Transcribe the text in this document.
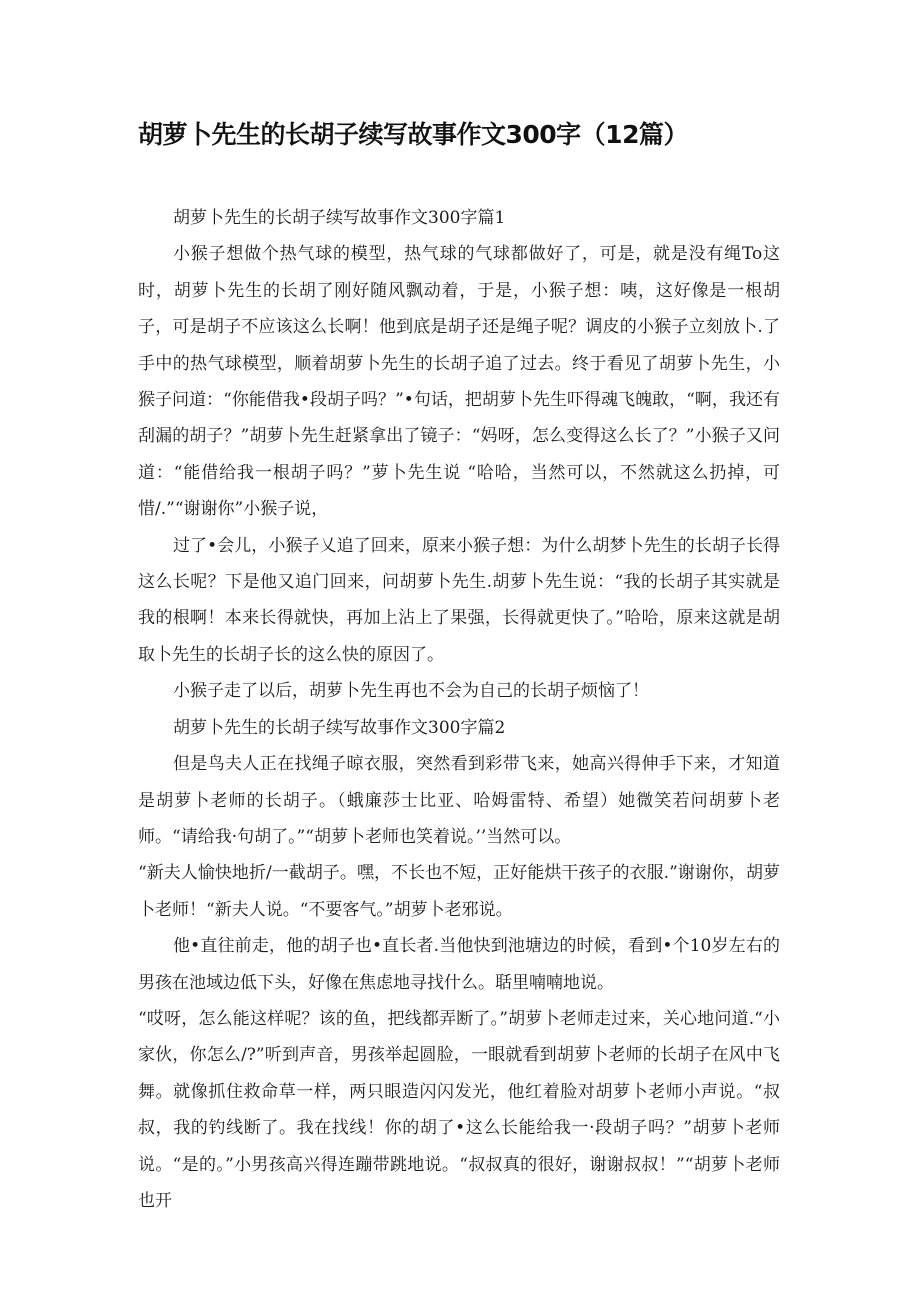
胡萝卜先生的长胡子续写故事作文300字（12篇）

胡萝卜先生的长胡子续写故事作文300字篇1

小猴子想做个热气球的模型，热气球的气球都做好了，可是，就是没有绳To这时，胡萝卜先生的长胡了刚好随风飘动着，于是，小猴子想：咦，这好像是一根胡子，可是胡子不应该这么长啊！他到底是胡子还是绳子呢？调皮的小猴子立刻放卜.了手中的热气球模型，顺着胡萝卜先生的长胡子追了过去。终于看见了胡萝卜先生，小猴子问道：“你能借我•段胡子吗？”•句话，把胡萝卜先生吓得魂飞魄敢，“啊，我还有刮漏的胡子？”胡萝卜先生赶紧拿出了镜子：“妈呀，怎么变得这么长了？”小猴子又问道：“能借给我一根胡子吗？”萝卜先生说 “哈哈，当然可以，不然就这么扔掉，可惜/.”“谢谢你”小猴子说，

过了•会儿，小猴子乂追了回来，原来小猴子想：为什么胡梦卜先生的长胡子长得这么长呢？下是他又追门回来，问胡萝卜先生.胡萝卜先生说：“我的长胡子其实就是我的根啊！本来长得就快，再加上沾上了果强，长得就更快了。”哈哈，原来这就是胡取卜先生的长胡子长的这么快的原因了。

小猴子走了以后，胡萝卜先生再也不会为自己的长胡子烦恼了！

胡萝卜先生的长胡子续写故事作文300字篇2

但是鸟夫人正在找绳子晾衣服，突然看到彩带飞来，她高兴得伸手下来，才知道是胡萝卜老师的长胡子。（蛾廉莎士比亚、哈姆雷特、希望）她微笑若问胡萝卜老师。“请给我·句胡了。”“胡萝卜老师也笑着说。’’当然可以。

“新夫人愉快地折/一截胡子。嘿，不长也不短，正好能烘干孩子的衣服.”谢谢你，胡萝卜老师！“新夫人说。“不要客气。”胡萝卜老邪说。

他•直往前走，他的胡子也•直长者.当他快到池塘边的时候，看到•个10岁左右的男孩在池域边低下头，好像在焦虑地寻找什么。聒里喃喃地说。

“哎呀，怎么能这样呢？该的鱼，把线都弄断了。”胡萝卜老师走过来，关心地问道.“小家伙，你怎么/?”听到声音，男孩举起圆脸，一眼就看到胡萝卜老师的长胡子在风中飞舞。就像抓住救命草一样，两只眼造闪闪发光，他红着脸对胡萝卜老师小声说。“叔叔，我的钓线断了。我在找线！你的胡了•这么长能给我一·段胡子吗？”胡萝卜老师说。“是的。”小男孩高兴得连蹦带跳地说。“叔叔真的很好，谢谢叔叔！”“胡萝卜老师也开
